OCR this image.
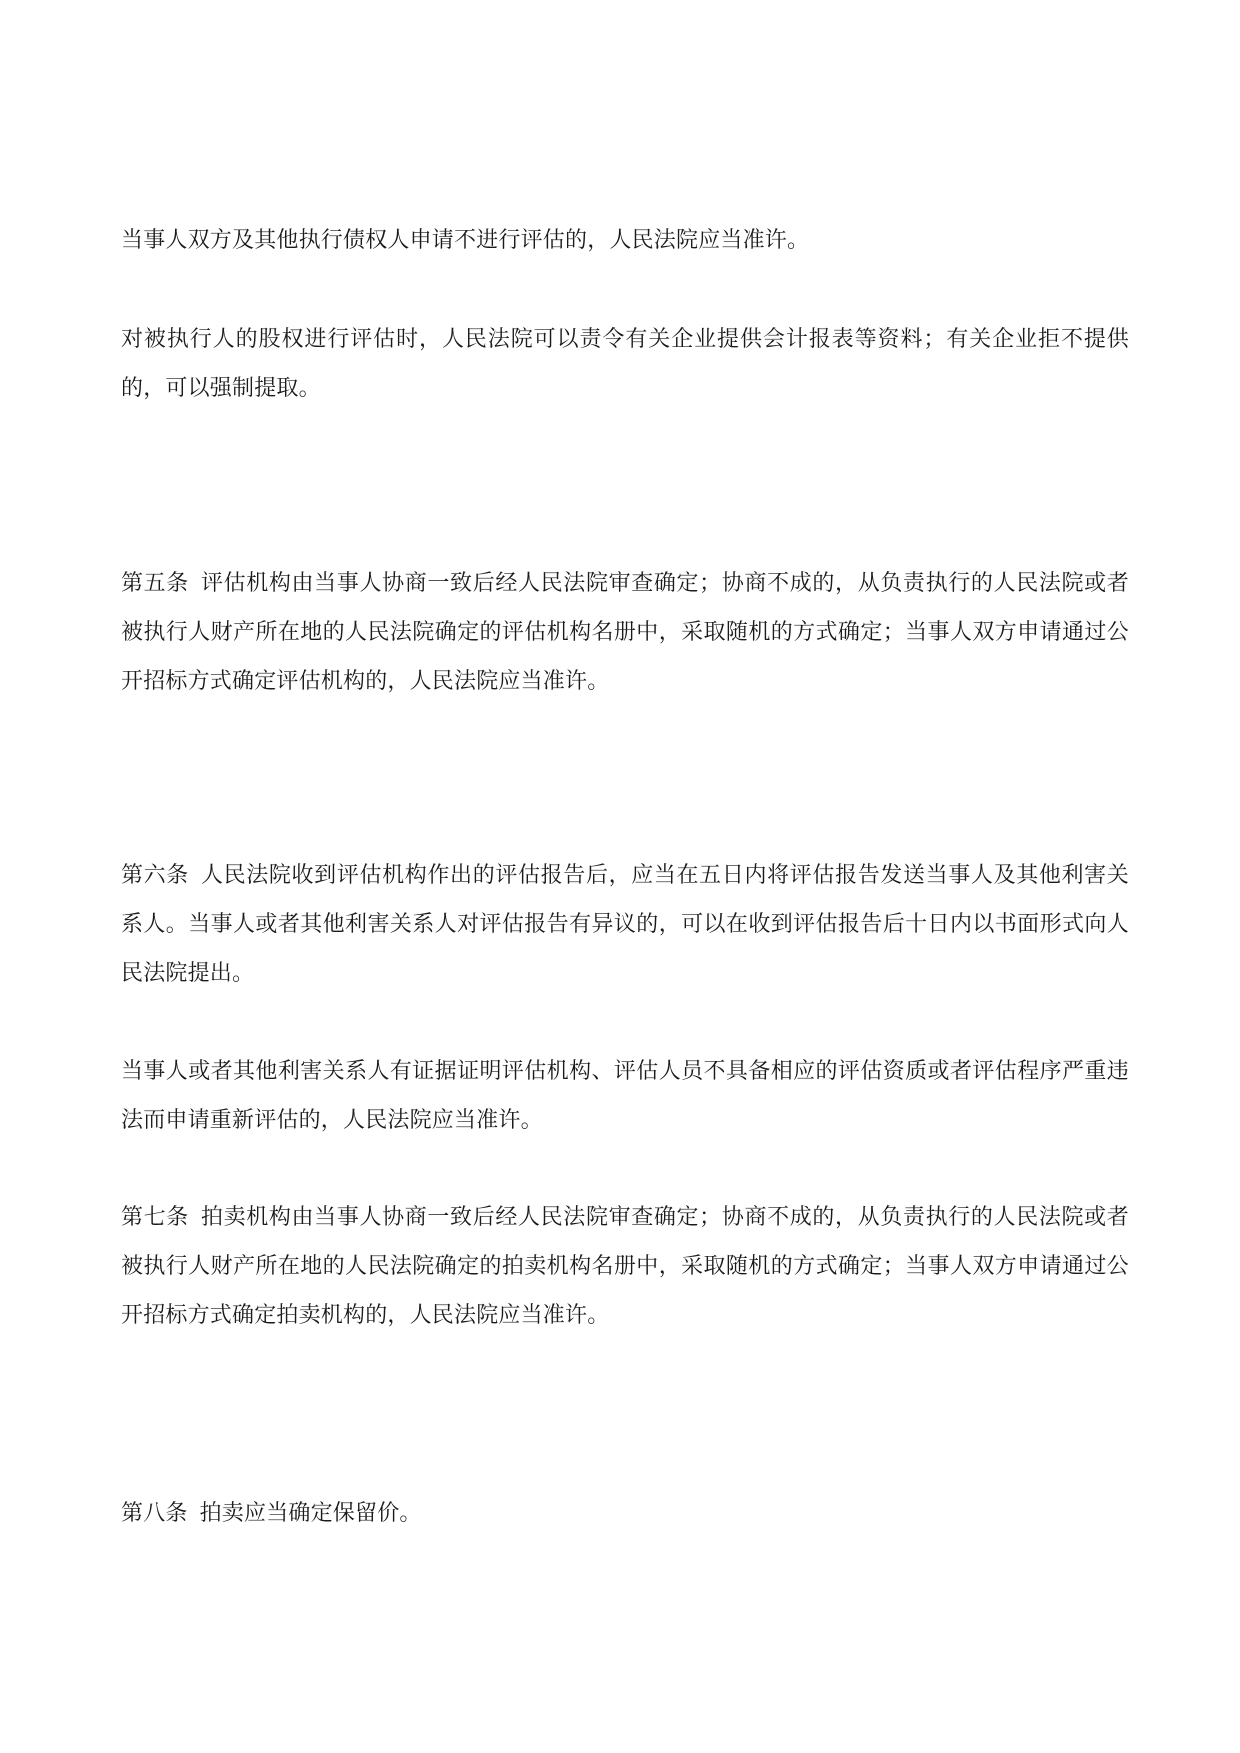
当事人双方及其他执行债权人申请不进行评估的，人民法院应当准许。

对被执行人的股权进行评估时，人民法院可以责令有关企业提供会计报表等资料；有关企业拒不提供的，可以强制提取。

第五条 评估机构由当事人协商一致后经人民法院审查确定；协商不成的，从负责执行的人民法院或者被执行人财产所在地的人民法院确定的评估机构名册中，采取随机的方式确定；当事人双方申请通过公开招标方式确定评估机构的，人民法院应当准许。

第六条 人民法院收到评估机构作出的评估报告后，应当在五日内将评估报告发送当事人及其他利害关系人。当事人或者其他利害关系人对评估报告有异议的，可以在收到评估报告后十日内以书面形式向人民法院提出。

当事人或者其他利害关系人有证据证明评估机构、评估人员不具备相应的评估资质或者评估程序严重违法而申请重新评估的，人民法院应当准许。

第七条 拍卖机构由当事人协商一致后经人民法院审查确定；协商不成的，从负责执行的人民法院或者被执行人财产所在地的人民法院确定的拍卖机构名册中，采取随机的方式确定；当事人双方申请通过公开招标方式确定拍卖机构的，人民法院应当准许。

第八条 拍卖应当确定保留价。
